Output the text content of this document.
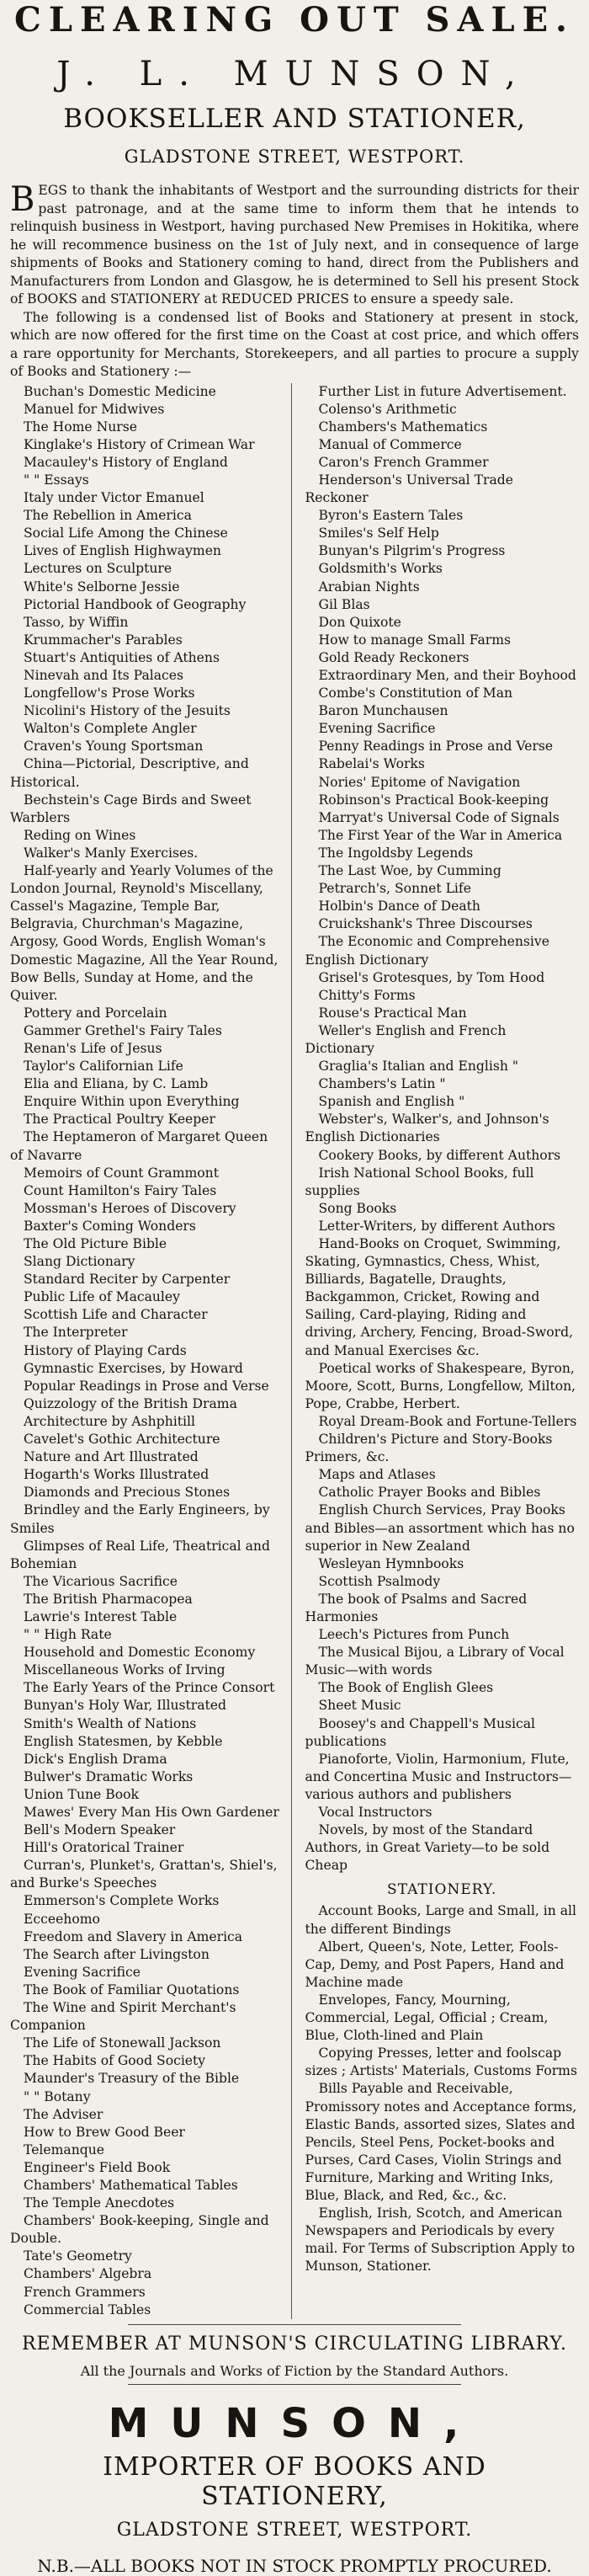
CLEARING OUT SALE.
J. L. MUNSON,
BOOKSELLER AND STATIONER,
GLADSTONE STREET, WESTPORT.

BEGS to thank the inhabitants of Westport and the surrounding districts for their past patronage, and at the same time to inform them that he intends to relinquish business in Westport, having purchased New Premises in Hokitika, where he will recommence business on the 1st of July next, and in consequence of large shipments of Books and Stationery coming to hand, direct from the Publishers and Manufacturers from London and Glasgow, he is determined to Sell his present Stock of BOOKS and STATIONERY at REDUCED PRICES to ensure a speedy sale.

The following is a condensed list of Books and Stationery at present in stock, which are now offered for the first time on the Coast at cost price, and which offers a rare opportunity for Merchants, Storekeepers, and all parties to procure a supply of Books and Stationery :—

Buchan's Domestic Medicine

Manuel for Midwives

The Home Nurse

Kinglake's History of Crimean War

Macauley's History of England

" " Essays

Italy under Victor Emanuel

The Rebellion in America

Social Life Among the Chinese

Lives of English Highwaymen

Lectures on Sculpture

White's Selborne Jessie

Pictorial Handbook of Geography

Tasso, by Wiffin

Krummacher's Parables

Stuart's Antiquities of Athens

Ninevah and Its Palaces

Longfellow's Prose Works

Nicolini's History of the Jesuits

Walton's Complete Angler

Craven's Young Sportsman

China—Pictorial, Descriptive, and Historical.

Bechstein's Cage Birds and Sweet Warblers

Reding on Wines

Walker's Manly Exercises.

Half-yearly and Yearly Volumes of the London Journal, Reynold's Miscellany, Cassel's Magazine, Temple Bar, Belgravia, Churchman's Magazine, Argosy, Good Words, English Woman's Domestic Magazine, All the Year Round, Bow Bells, Sunday at Home, and the Quiver.

Pottery and Porcelain

Gammer Grethel's Fairy Tales

Renan's Life of Jesus

Taylor's Californian Life

Elia and Eliana, by C. Lamb

Enquire Within upon Everything

The Practical Poultry Keeper

The Heptameron of Margaret Queen of Navarre

Memoirs of Count Grammont

Count Hamilton's Fairy Tales

Mossman's Heroes of Discovery

Baxter's Coming Wonders

The Old Picture Bible

Slang Dictionary

Standard Reciter by Carpenter

Public Life of Macauley

Scottish Life and Character

The Interpreter

History of Playing Cards

Gymnastic Exercises, by Howard

Popular Readings in Prose and Verse

Quizzology of the British Drama

Architecture by Ashphitill

Cavelet's Gothic Architecture

Nature and Art Illustrated

Hogarth's Works Illustrated

Diamonds and Precious Stones

Brindley and the Early Engineers, by Smiles

Glimpses of Real Life, Theatrical and Bohemian

The Vicarious Sacrifice

The British Pharmacopea

Lawrie's Interest Table

" " High Rate

Household and Domestic Economy

Miscellaneous Works of Irving

The Early Years of the Prince Consort

Bunyan's Holy War, Illustrated

Smith's Wealth of Nations

English Statesmen, by Kebble

Dick's English Drama

Bulwer's Dramatic Works

Union Tune Book

Mawes' Every Man His Own Gardener

Bell's Modern Speaker

Hill's Oratorical Trainer

Curran's, Plunket's, Grattan's, Shiel's, and Burke's Speeches

Emmerson's Complete Works

Ecceehomo

Freedom and Slavery in America

The Search after Livingston

Evening Sacrifice

The Book of Familiar Quotations

The Wine and Spirit Merchant's Companion

The Life of Stonewall Jackson

The Habits of Good Society

Maunder's Treasury of the Bible

" " Botany

The Adviser

How to Brew Good Beer

Telemanque

Engineer's Field Book

Chambers' Mathematical Tables

The Temple Anecdotes

Chambers' Book-keeping, Single and Double.

Tate's Geometry

Chambers' Algebra

French Grammers

Commercial Tables

Further List in future Advertisement.

Colenso's Arithmetic

Chambers's Mathematics

Manual of Commerce

Caron's French Grammer

Henderson's Universal Trade Reckoner

Byron's Eastern Tales

Smiles's Self Help

Bunyan's Pilgrim's Progress

Goldsmith's Works

Arabian Nights

Gil Blas

Don Quixote

How to manage Small Farms

Gold Ready Reckoners

Extraordinary Men, and their Boyhood

Combe's Constitution of Man

Baron Munchausen

Evening Sacrifice

Penny Readings in Prose and Verse

Rabelai's Works

Nories' Epitome of Navigation

Robinson's Practical Book-keeping

Marryat's Universal Code of Signals

The First Year of the War in America

The Ingoldsby Legends

The Last Woe, by Cumming

Petrarch's, Sonnet Life

Holbin's Dance of Death

Cruickshank's Three Discourses

The Economic and Comprehensive English Dictionary

Grisel's Grotesques, by Tom Hood

Chitty's Forms

Rouse's Practical Man

Weller's English and French Dictionary

Graglia's Italian and English "

Chambers's Latin "

Spanish and English "

Webster's, Walker's, and Johnson's English Dictionaries

Cookery Books, by different Authors

Irish National School Books, full supplies

Song Books

Letter-Writers, by different Authors

Hand-Books on Croquet, Swimming, Skating, Gymnastics, Chess, Whist, Billiards, Bagatelle, Draughts, Backgammon, Cricket, Rowing and Sailing, Card-playing, Riding and driving, Archery, Fencing, Broad-Sword, and Manual Exercises &c.

Poetical works of Shakespeare, Byron, Moore, Scott, Burns, Longfellow, Milton, Pope, Crabbe, Herbert.

Royal Dream-Book and Fortune-Tellers

Children's Picture and Story-Books Primers, &c.

Maps and Atlases

Catholic Prayer Books and Bibles

English Church Services, Pray Books and Bibles—an assortment which has no superior in New Zealand

Wesleyan Hymnbooks

Scottish Psalmody

The book of Psalms and Sacred Harmonies

Leech's Pictures from Punch

The Musical Bijou, a Library of Vocal Music—with words

The Book of English Glees

Sheet Music

Boosey's and Chappell's Musical publications

Pianoforte, Violin, Harmonium, Flute, and Concertina Music and Instructors—various authors and publishers

Vocal Instructors

Novels, by most of the Standard Authors, in Great Variety—to be sold Cheap

STATIONERY.

Account Books, Large and Small, in all the different Bindings

Albert, Queen's, Note, Letter, Fools-Cap, Demy, and Post Papers, Hand and Machine made

Envelopes, Fancy, Mourning, Commercial, Legal, Official ; Cream, Blue, Cloth-lined and Plain

Copying Presses, letter and foolscap sizes ; Artists' Materials, Customs Forms

Bills Payable and Receivable, Promissory notes and Acceptance forms, Elastic Bands, assorted sizes, Slates and Pencils, Steel Pens, Pocket-books and Purses, Card Cases, Violin Strings and Furniture, Marking and Writing Inks, Blue, Black, and Red, &c., &c.

English, Irish, Scotch, and American Newspapers and Periodicals by every mail. For Terms of Subscription Apply to Munson, Stationer.

REMEMBER AT MUNSON'S CIRCULATING LIBRARY.
All the Journals and Works of Fiction by the Standard Authors.
MUNSON,
IMPORTER OF BOOKS AND STATIONERY,
GLADSTONE STREET, WESTPORT.
N.B.—ALL BOOKS NOT IN STOCK PROMPTLY PROCURED.
